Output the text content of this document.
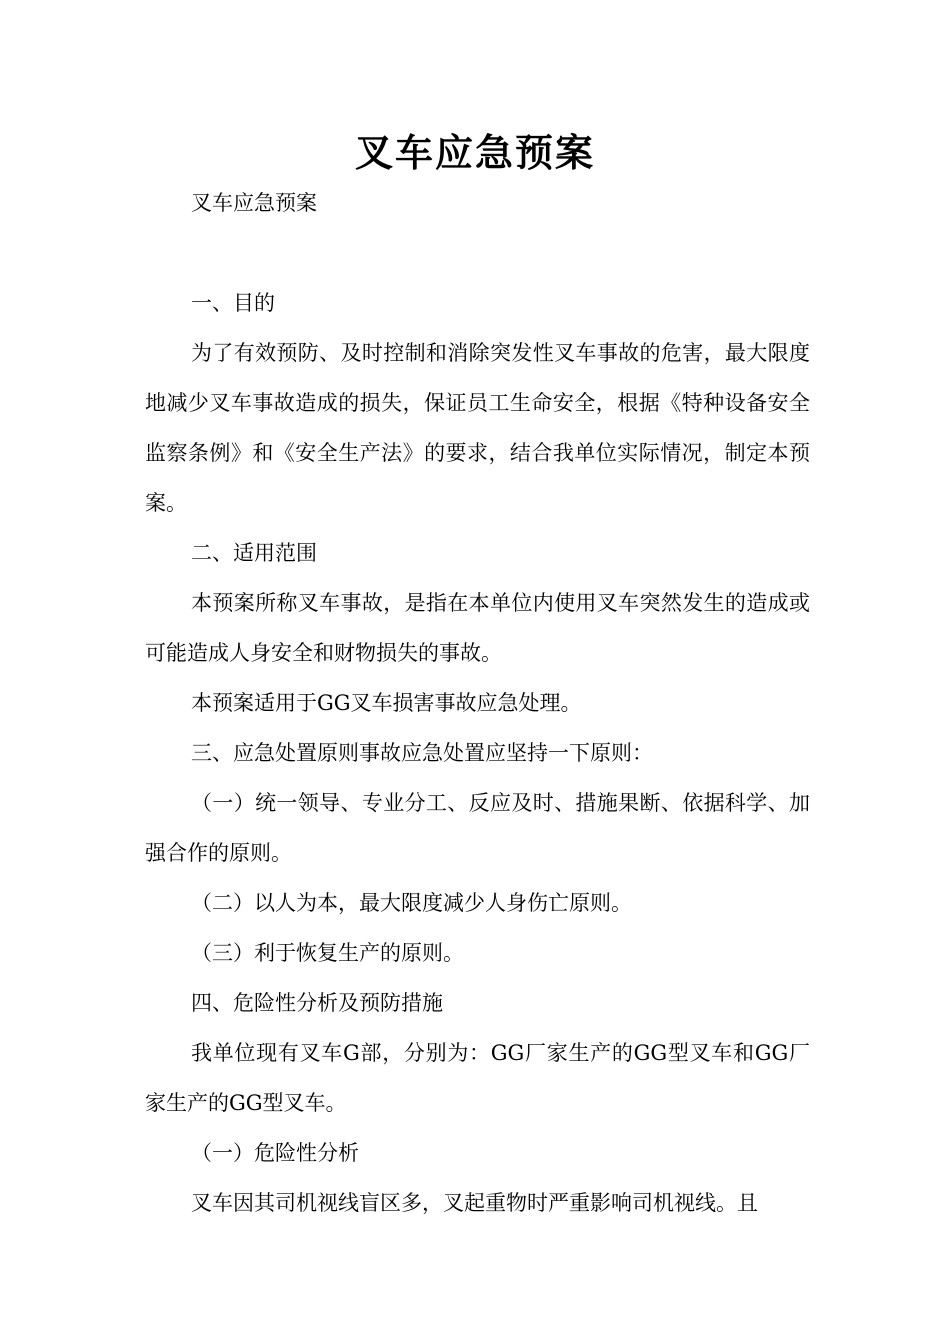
叉车应急预案

叉车应急预案

一、目的

为了有效预防、及时控制和消除突发性叉车事故的危害，最大限度地减少叉车事故造成的损失，保证员工生命安全，根据《特种设备安全监察条例》和《安全生产法》的要求，结合我单位实际情况，制定本预案。

二、适用范围

本预案所称叉车事故，是指在本单位内使用叉车突然发生的造成或可能造成人身安全和财物损失的事故。

本预案适用于GG叉车损害事故应急处理。

三、应急处置原则事故应急处置应坚持一下原则：

（一）统一领导、专业分工、反应及时、措施果断、依据科学、加强合作的原则。

（二）以人为本，最大限度减少人身伤亡原则。

（三）利于恢复生产的原则。

四、危险性分析及预防措施

我单位现有叉车G部，分别为：GG厂家生产的GG型叉车和GG厂家生产的GG型叉车。

（一）危险性分析

叉车因其司机视线盲区多，叉起重物时严重影响司机视线。且
